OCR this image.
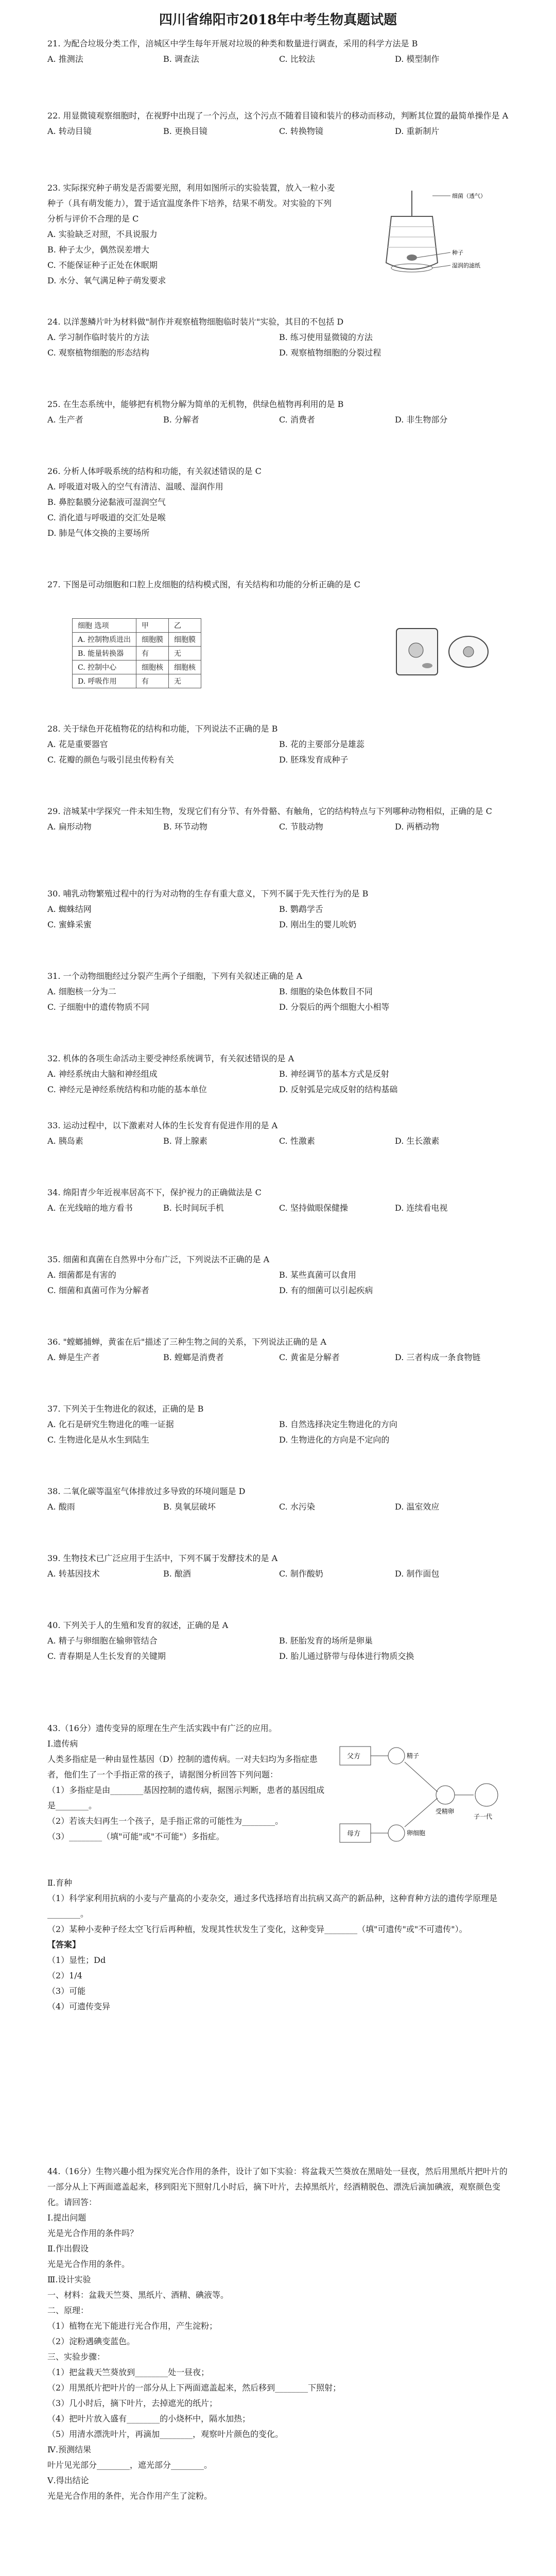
四川省绵阳市2018年中考生物真题试题
21. 为配合垃圾分类工作，涪城区中学生每年开展对垃圾的种类和数量进行调查，采用的科学方法是 B
A. 推测法	B. 调查法	C. 比较法	D. 模型制作
22. 用显微镜观察细胞时，在视野中出现了一个污点，这个污点不随着目镜和装片的移动而移动，判断其位置的最简单操作是 A
A. 转动目镜	B. 更换目镜	C. 转换物镜	D. 重新制片
23. 实际探究种子萌发是否需要光照，利用如图所示的实验装置，放入一粒小麦种子（具有萌发能力），置于适宜温度条件下培养，结果不萌发。对实验的下列分析与评价不合理的是 C
A. 实验缺乏对照，不具说服力
B. 种子太少，偶然误差增大
C. 不能保证种子正处在休眠期
D. 水分、氧气满足种子萌发要求
细菌（透气）
种子
湿润的滤纸
24. 以洋葱鳞片叶为材料做"制作并观察植物细胞临时装片"实验，其目的不包括 D
A. 学习制作临时装片的方法	B. 练习使用显微镜的方法
C. 观察植物细胞的形态结构	D. 观察植物细胞的分裂过程
25. 在生态系统中，能够把有机物分解为简单的无机物，供绿色植物再利用的是 B
A. 生产者	B. 分解者	C. 消费者	D. 非生物部分
26. 分析人体呼吸系统的结构和功能，有关叙述错误的是 C
A. 呼吸道对吸入的空气有清洁、温暖、湿润作用
B. 鼻腔黏膜分泌黏液可湿润空气
C. 消化道与呼吸道的交汇处是喉
D. 肺是气体交换的主要场所
27. 下图是可动细胞和口腔上皮细胞的结构模式图，有关结构和功能的分析正确的是 C
细胞 选项	甲	乙
A. 控制物质进出	细胞膜	细胞膜
B. 能量转换器	有	无
C. 控制中心	细胞核	细胞核
D. 呼吸作用	有	无
28. 关于绿色开花植物花的结构和功能，下列说法不正确的是 B
A. 花是重要器官	B. 花的主要部分是雄蕊
C. 花瓣的颜色与吸引昆虫传粉有关	D. 胚珠发育成种子
29. 涪城某中学探究一件未知生物，发现它们有分节、有外骨骼、有触角，它的结构特点与下列哪种动物相似，正确的是 C
A. 扁形动物	B. 环节动物	C. 节肢动物	D. 两栖动物
30. 哺乳动物繁殖过程中的行为对动物的生存有重大意义，下列不属于先天性行为的是 B
A. 蜘蛛结网	B. 鹦鹉学舌
C. 蜜蜂采蜜	D. 刚出生的婴儿吮奶
31. 一个动物细胞经过分裂产生两个子细胞，下列有关叙述正确的是 A
A. 细胞核一分为二	B. 细胞的染色体数目不同
C. 子细胞中的遗传物质不同	D. 分裂后的两个细胞大小相等
32. 机体的各项生命活动主要受神经系统调节，有关叙述错误的是 A
A. 神经系统由大脑和神经组成	B. 神经调节的基本方式是反射
C. 神经元是神经系统结构和功能的基本单位	D. 反射弧是完成反射的结构基础
33. 运动过程中，以下激素对人体的生长发育有促进作用的是 A
A. 胰岛素	B. 肾上腺素	C. 性激素	D. 生长激素
34. 绵阳青少年近视率居高不下，保护视力的正确做法是 C
A. 在光线暗的地方看书	B. 长时间玩手机	C. 坚持做眼保健操	D. 连续看电视
35. 细菌和真菌在自然界中分布广泛，下列说法不正确的是 A
A. 细菌都是有害的	B. 某些真菌可以食用
C. 细菌和真菌可作为分解者	D. 有的细菌可以引起疾病
36. "螳螂捕蝉，黄雀在后"描述了三种生物之间的关系，下列说法正确的是 A
A. 蝉是生产者	B. 螳螂是消费者	C. 黄雀是分解者	D. 三者构成一条食物链
37. 下列关于生物进化的叙述，正确的是 B
A. 化石是研究生物进化的唯一证据	B. 自然选择决定生物进化的方向
C. 生物进化是从水生到陆生	D. 生物进化的方向是不定向的
38. 二氧化碳等温室气体排放过多导致的环境问题是 D
A. 酸雨	B. 臭氧层破坏	C. 水污染	D. 温室效应
39. 生物技术已广泛应用于生活中，下列不属于发酵技术的是 A
A. 转基因技术	B. 酿酒	C. 制作酸奶	D. 制作面包
40. 下列关于人的生殖和发育的叙述，正确的是 A
A. 精子与卵细胞在输卵管结合	B. 胚胎发育的场所是卵巢
C. 青春期是人生长发育的关键期	D. 胎儿通过脐带与母体进行物质交换
43.（16分）遗传变异的原理在生产生活实践中有广泛的应用。
Ⅰ.遗传病
人类多指症是一种由显性基因（D）控制的遗传病。一对夫妇均为多指症患者，他们生了一个手指正常的孩子，请据图分析回答下列问题：
（1）多指症是由________基因控制的遗传病，据图示判断，患者的基因组成是________。
（2）若该夫妇再生一个孩子，是手指正常的可能性为________。
（3）________（填"可能"或"不可能"）多指症。
父方
母方
精子
卵细胞
受精卵
子一代
Ⅱ.育种
（1）科学家利用抗病的小麦与产量高的小麦杂交，通过多代选择培育出抗病又高产的新品种，这种育种方法的遗传学原理是________。
（2）某种小麦种子经太空飞行后再种植，发现其性状发生了变化，这种变异________（填"可遗传"或"不可遗传"）。
【答案】
（1）显性；Dd
（2）1/4
（3）可能
（4）可遗传变异
44.（16分）生物兴趣小组为探究光合作用的条件，设计了如下实验：将盆栽天竺葵放在黑暗处一昼夜，然后用黑纸片把叶片的一部分从上下两面遮盖起来，移到阳光下照射几小时后，摘下叶片，去掉黑纸片，经酒精脱色、漂洗后滴加碘液，观察颜色变化。请回答：
Ⅰ.提出问题
光是光合作用的条件吗？
Ⅱ.作出假设
光是光合作用的条件。
Ⅲ.设计实验
一、材料：盆栽天竺葵、黑纸片、酒精、碘液等。
二、原理：
（1）植物在光下能进行光合作用，产生淀粉；
（2）淀粉遇碘变蓝色。
三、实验步骤：
（1）把盆栽天竺葵放到________处一昼夜；
（2）用黑纸片把叶片的一部分从上下两面遮盖起来，然后移到________下照射；
（3）几小时后，摘下叶片，去掉遮光的纸片；
（4）把叶片放入盛有________的小烧杯中，隔水加热；
（5）用清水漂洗叶片，再滴加________，观察叶片颜色的变化。
Ⅳ.预测结果
叶片见光部分________，遮光部分________。
Ⅴ.得出结论
光是光合作用的条件，光合作用产生了淀粉。
